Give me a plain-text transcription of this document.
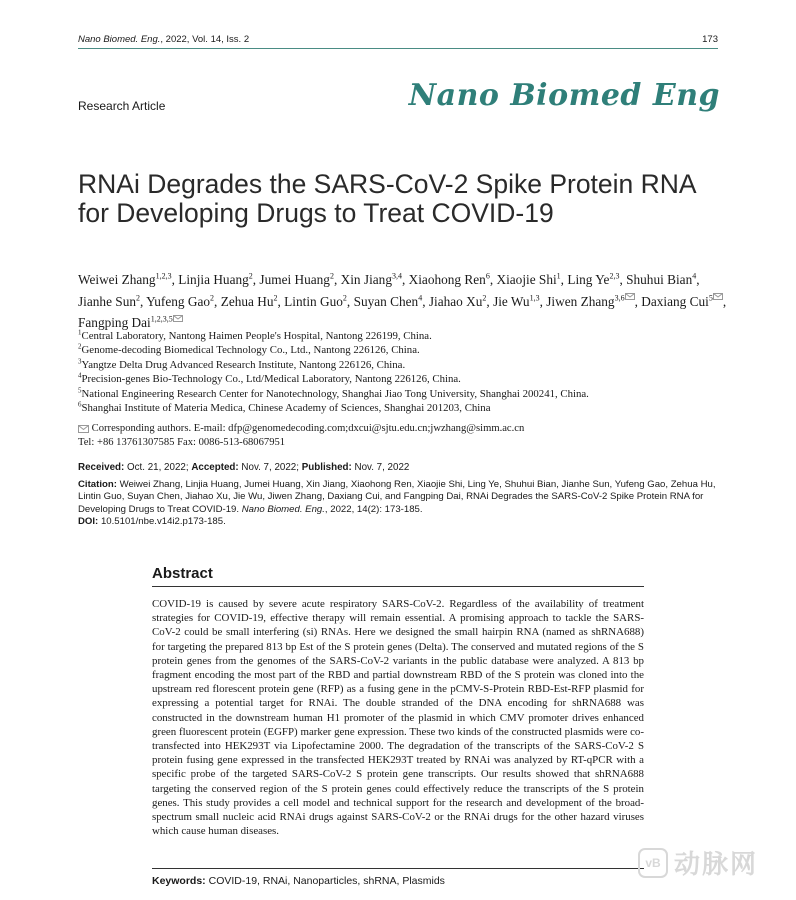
Nano Biomed. Eng., 2022, Vol. 14, Iss. 2	173
Research Article	Nano Biomed Eng
RNAi Degrades the SARS-CoV-2 Spike Protein RNA for Developing Drugs to Treat COVID-19
Weiwei Zhang$^{1,2,3}$, Linjia Huang$^2$, Jumei Huang$^2$, Xin Jiang$^{3,4}$, Xiaohong Ren$^6$, Xiaojie Shi$^1$, Ling Ye$^{2,3}$, Shuhui Bian$^4$, Jianhe Sun$^2$, Yufeng Gao$^2$, Zehua Hu$^2$, Lintin Guo$^2$, Suyan Chen$^4$, Jiahao Xu$^2$, Jie Wu$^{1,3}$, Jiwen Zhang$^{3,6}$ , Daxiang Cui$^5$ , Fangping Dai$^{1,2,3,5}$
$^1$Central Laboratory, Nantong Haimen People's Hospital, Nantong 226199, China.
$^2$Genome-decoding Biomedical Technology Co., Ltd., Nantong 226126, China.
$^3$Yangtze Delta Drug Advanced Research Institute, Nantong 226126, China.
$^4$Precision-genes Bio-Technology Co., Ltd/Medical Laboratory, Nantong 226126, China.
$^5$National Engineering Research Center for Nanotechnology, Shanghai Jiao Tong University, Shanghai 200241, China.
$^6$Shanghai Institute of Materia Medica, Chinese Academy of Sciences, Shanghai 201203, China
Corresponding authors. E-mail: dfp@genomedecoding.com;dxcui@sjtu.edu.cn;jwzhang@simm.ac.cn
Tel: +86 13761307585 Fax: 0086-513-68067951
Received: Oct. 21, 2022; Accepted: Nov. 7, 2022; Published: Nov. 7, 2022
Citation: Weiwei Zhang, Linjia Huang, Jumei Huang, Xin Jiang, Xiaohong Ren, Xiaojie Shi, Ling Ye, Shuhui Bian, Jianhe Sun, Yufeng Gao, Zehua Hu, Lintin Guo, Suyan Chen, Jiahao Xu, Jie Wu, Jiwen Zhang, Daxiang Cui, and Fangping Dai, RNAi Degrades the SARS-CoV-2 Spike Protein RNA for Developing Drugs to Treat COVID-19. Nano Biomed. Eng., 2022, 14(2): 173-185.
DOI: 10.5101/nbe.v14i2.p173-185.
Abstract

COVID-19 is caused by severe acute respiratory SARS-CoV-2. Regardless of the availability of treatment strategies for COVID-19, effective therapy will remain essential. A promising approach to tackle the SARS-CoV-2 could be small interfering (si) RNAs. Here we designed the small hairpin RNA (named as shRNA688) for targeting the prepared 813 bp Est of the S protein genes (Delta). The conserved and mutated regions of the S protein genes from the genomes of the SARS-CoV-2 variants in the public database were analyzed. A 813 bp fragment encoding the most part of the RBD and partial downstream RBD of the S protein was cloned into the upstream red florescent protein gene (RFP) as a fusing gene in the pCMV-S-Protein RBD-Est-RFP plasmid for expressing a potential target for RNAi. The double stranded of the DNA encoding for shRNA688 was constructed in the downstream human H1 promoter of the plasmid in which CMV promoter drives enhanced green fluorescent protein (EGFP) marker gene expression. These two kinds of the constructed plasmids were co-transfected into HEK293T via Lipofectamine 2000. The degradation of the transcripts of the SARS-CoV-2 S protein fusing gene expressed in the transfected HEK293T treated by RNAi was analyzed by RT-qPCR with a specific probe of the targeted SARS-CoV-2 S protein gene transcripts. Our results showed that shRNA688 targeting the conserved region of the S protein genes could effectively reduce the transcripts of the S protein genes. This study provides a cell model and technical support for the research and development of the broad-spectrum small nucleic acid RNAi drugs against SARS-CoV-2 or the RNAi drugs for the other hazard viruses which cause human diseases.

Keywords: COVID-19, RNAi, Nanoparticles, shRNA, Plasmids
vB 动脉网
